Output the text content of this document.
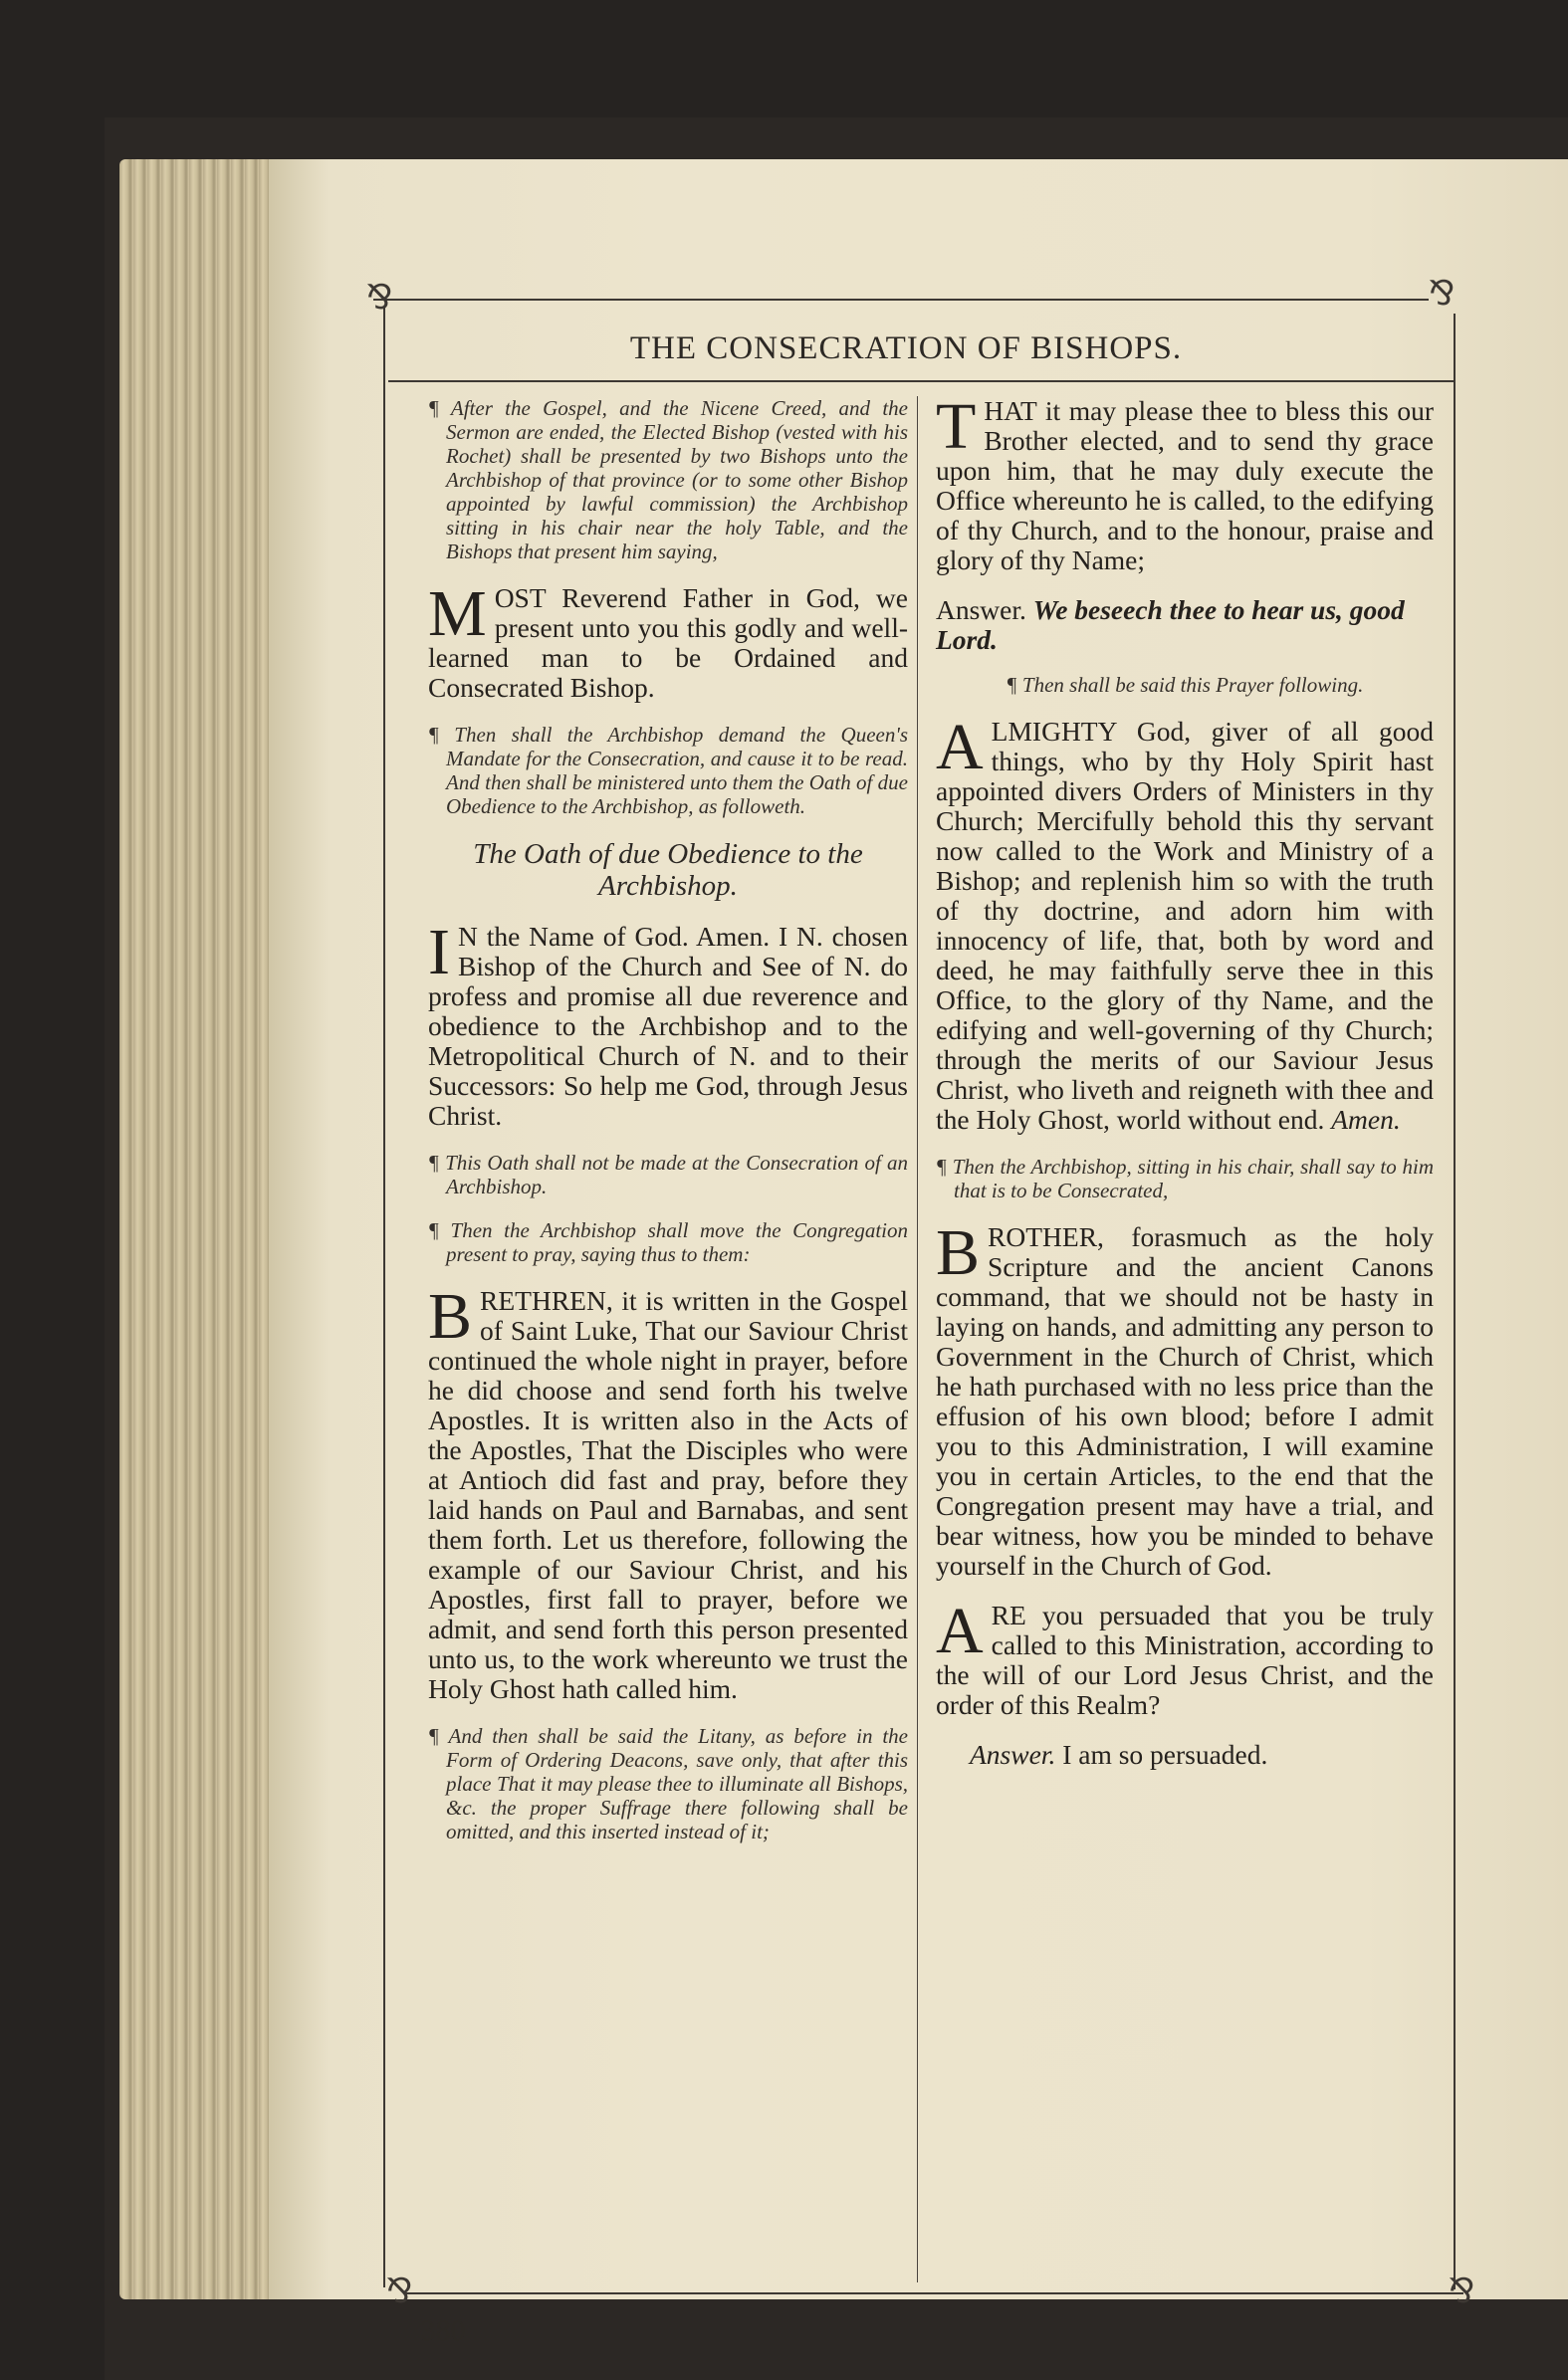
⅋	⅋
⅋	⅋
THE CONSECRATION OF BISHOPS.

¶ After the Gospel, and the Nicene Creed, and the Sermon are ended, the Elected Bishop (vested with his Rochet) shall be presented by two Bishops unto the Archbishop of that province (or to some other Bishop appointed by lawful commission) the Archbishop sitting in his chair near the holy Table, and the Bishops that present him saying,

MOST Reverend Father in God, we present unto you this godly and well-learned man to be Ordained and Consecrated Bishop.

¶ Then shall the Archbishop demand the Queen's Mandate for the Consecration, and cause it to be read. And then shall be ministered unto them the Oath of due Obedience to the Archbishop, as followeth.

The Oath of due Obedience to the Archbishop.

I N the Name of God. Amen. I N. chosen Bishop of the Church and See of N. do profess and promise all due reverence and obedience to the Archbishop and to the Metropolitical Church of N. and to their Successors: So help me God, through Jesus Christ.

¶ This Oath shall not be made at the Consecration of an Archbishop.

¶ Then the Archbishop shall move the Congregation present to pray, saying thus to them:

BRETHREN, it is written in the Gospel of Saint Luke, That our Saviour Christ continued the whole night in prayer, before he did choose and send forth his twelve Apostles. It is written also in the Acts of the Apostles, That the Disciples who were at Antioch did fast and pray, before they laid hands on Paul and Barnabas, and sent them forth. Let us therefore, following the example of our Saviour Christ, and his Apostles, first fall to prayer, before we admit, and send forth this person presented unto us, to the work whereunto we trust the Holy Ghost hath called him.

¶ And then shall be said the Litany, as before in the Form of Ordering Deacons, save only, that after this place That it may please thee to illuminate all Bishops, &c. the proper Suffrage there following shall be omitted, and this inserted instead of it;

THAT it may please thee to bless this our Brother elected, and to send thy grace upon him, that he may duly execute the Office whereunto he is called, to the edifying of thy Church, and to the honour, praise and glory of thy Name;

Answer. We beseech thee to hear us, good Lord.

¶ Then shall be said this Prayer following.

ALMIGHTY God, giver of all good things, who by thy Holy Spirit hast appointed divers Orders of Ministers in thy Church; Mercifully behold this thy servant now called to the Work and Ministry of a Bishop; and replenish him so with the truth of thy doctrine, and adorn him with innocency of life, that, both by word and deed, he may faithfully serve thee in this Office, to the glory of thy Name, and the edifying and well-governing of thy Church; through the merits of our Saviour Jesus Christ, who liveth and reigneth with thee and the Holy Ghost, world without end. Amen.

¶ Then the Archbishop, sitting in his chair, shall say to him that is to be Consecrated,

BROTHER, forasmuch as the holy Scripture and the ancient Canons command, that we should not be hasty in laying on hands, and admitting any person to Government in the Church of Christ, which he hath purchased with no less price than the effusion of his own blood; before I admit you to this Administration, I will examine you in certain Articles, to the end that the Congregation present may have a trial, and bear witness, how you be minded to behave yourself in the Church of God.

ARE you persuaded that you be truly called to this Ministration, according to the will of our Lord Jesus Christ, and the order of this Realm?

Answer. I am so persuaded.

380
